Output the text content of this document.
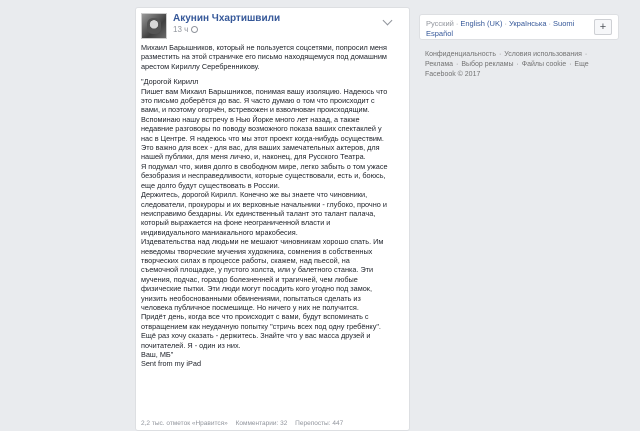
Акунин Чхартишвили
13 ч

Михаил Барышников, который не пользуется соцсетями, попросил меня разместить на этой страничке его письмо находящемуся под домашним арестом Кириллу Серебренникову.

"Дорогой Кирилл
Пишет вам Михаил Барышников, понимая вашу изоляцию. Надеюсь что
это письмо доберётся до вас. Я часто думаю о том что происходит с
вами, и поэтому огорчён, встревожен и взволнован происходящим.
Вспоминаю нашу встречу в Нью Йорке много лет назад, а также
недавние разговоры по поводу возможного показа ваших спектаклей у
нас в Центре. Я надеюсь что мы этот проект когда-нибудь осуществим.
Это важно для всех - для вас, для ваших замечательных актеров, для
нашей публики, для меня лично, и, наконец, для Русского Театра.
Я подумал что, живя долго в свободном мире, легко забыть о том ужасе
безобразия и несправедливости, которые существовали, есть и, боюсь,
еще долго будут существовать в России.
Держитесь, дорогой Кирилл. Конечно же вы знаете что чиновники,
следователи, прокуроры и их верховные начальники - глубоко, прочно и
неисправимо бездарны. Их единственный талант это талант палача,
который выражается на фоне неограниченной власти и
индивидуального маниакального мракобесия.
Издевательства над людьми не мешают чиновникам хорошо спать. Им
неведомы творческие мучения художника, сомнения в собственных
творческих силах в процессе работы, скажем, над пьесой, на
съемочной площадке, у пустого холста, или у балетного станка. Эти
мучения, подчас, гораздо болезненней и трагичней, чем любые
физические пытки. Эти люди могут посадить кого угодно под замок,
унизить необоснованными обвинениями, попытаться сделать из
человека публичное посмешище. Но ничего у них не получится.
Придёт день, когда все что происходит с вами, будут вспоминать с
отвращением как неудачную попытку "стричь всех под одну гребёнку".
Ещё раз хочу сказать - держитесь. Знайте что у вас масса друзей и
почитателей. Я - один из них.
Ваш, МБ"
Sent from my iPad
2,2 тыс. отметок «Нравится» Комментарии: 32 Перепосты: 447
Русский · English (UK) · Українська · Suomi
Español
+
Конфиденциальность · Условия использования · Реклама · Выбор рекламы · Файлы cookie · Еще
Facebook © 2017
